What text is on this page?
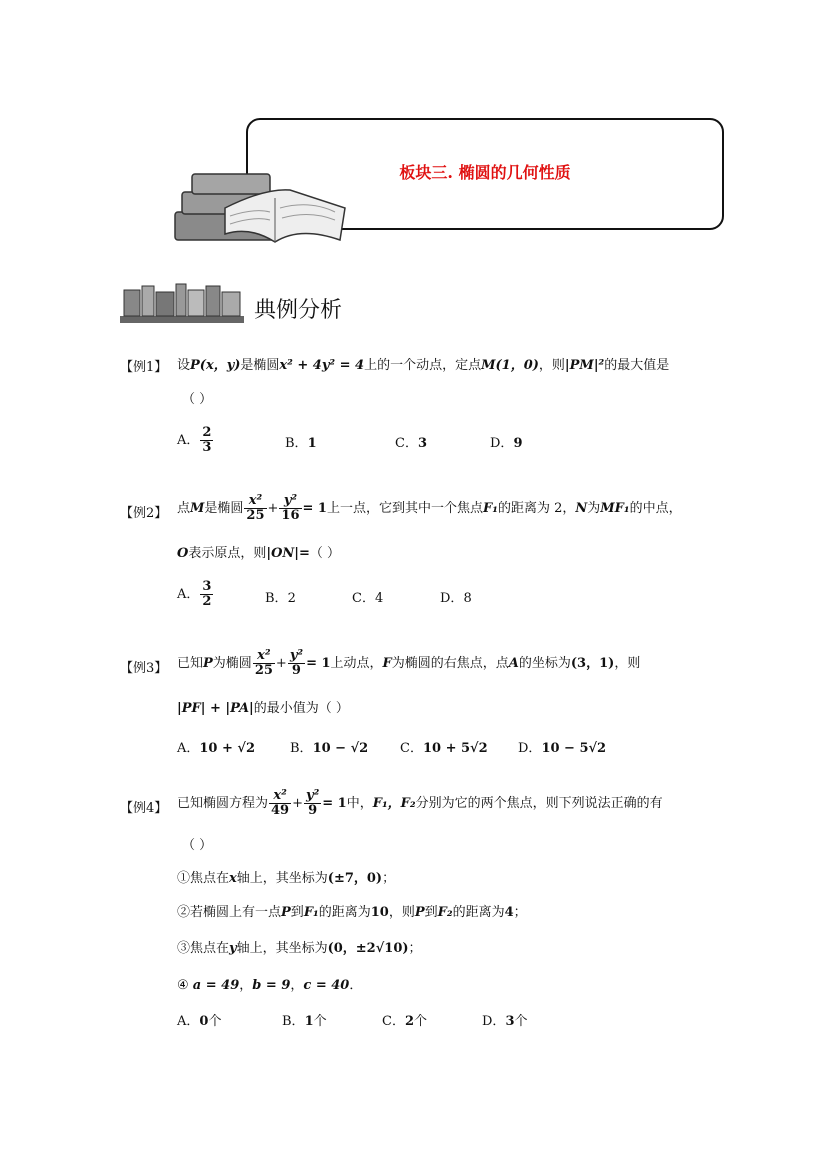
板块三. 椭圆的几何性质
典例分析
【例1】 设P(x，y)是椭圆x² + 4y² = 4上的一个动点，定点M(1，0)，则|PM|²的最大值是
（ ）
A． $\frac{2}{3}$	B．1	C．3	D．9
【例2】 点M是椭圆 $\frac{\text{x²}}{25} + \frac{\text{y²}}{16} = 1$上一点，它到其中一个焦点F₁的距离为 2，N为MF₁的中点，
O表示原点，则|ON|=（ ）
A． $\frac{3}{2}$	B．2	C．4	D．8
【例3】 已知P为椭圆 $\frac{\text{x²}}{25} + \frac{\text{y²}}{9} = 1$上动点，F为椭圆的右焦点，点A的坐标为(3，1)，则
|PF| + |PA|的最小值为（ ）
A．10 + √2	B．10 − √2 C．10 + 5√2 D．10 − 5√2
【例4】 已知椭圆方程为 $\frac{\text{x²}}{49} + \frac{\text{y²}}{9} = 1$中，F₁，F₂分别为它的两个焦点，则下列说法正确的有
（ ）
①焦点在x轴上，其坐标为(±7，0)；
②若椭圆上有一点P到F₁的距离为10，则P到F₂的距离为4；
③焦点在y轴上，其坐标为(0，±2√10)；
④ a = 49，b = 9，c = 40．
A．0个	B．1个	C．2个	D．3个
